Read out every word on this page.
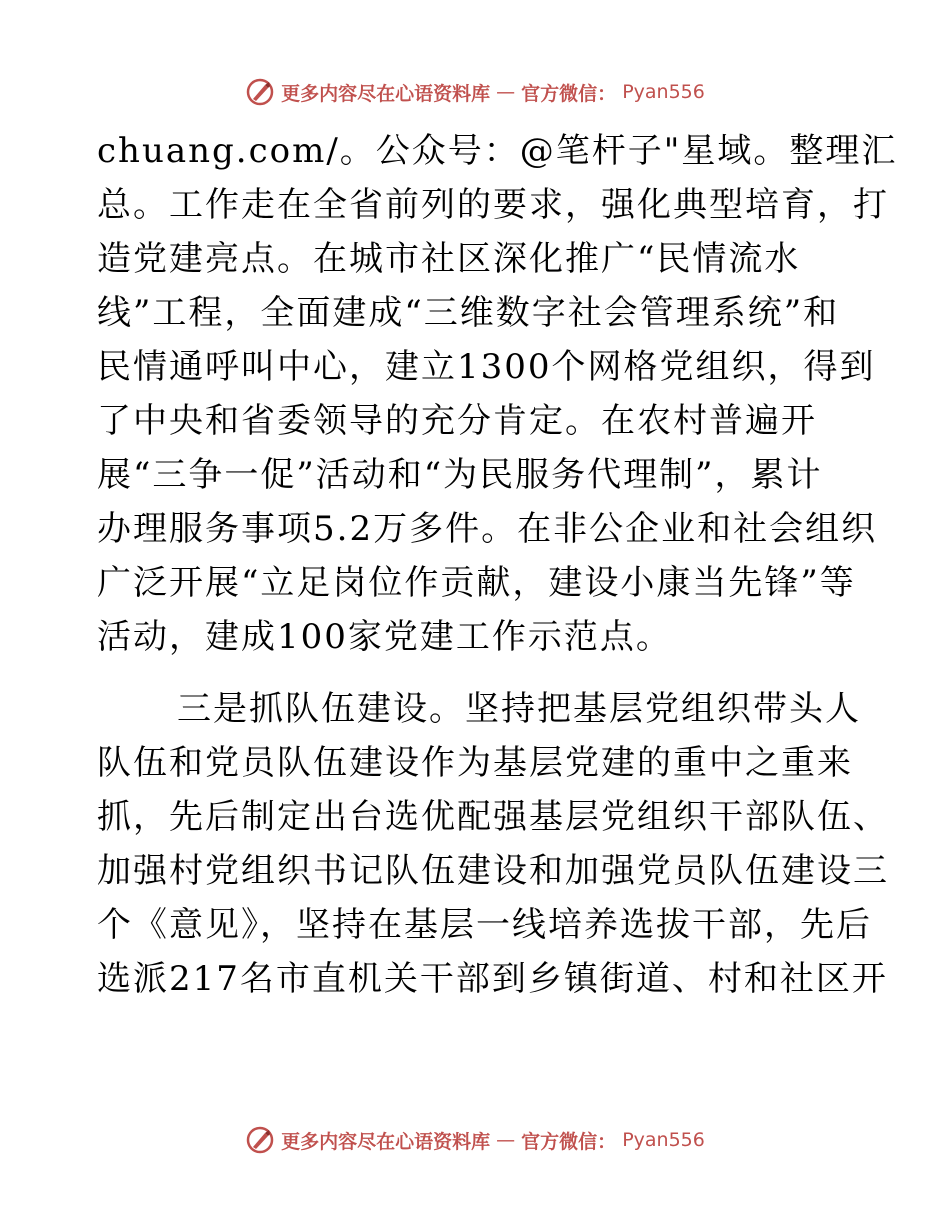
更多内容尽在心语资料库 — 官方微信： Pyan556
chuang.com/。公众号：@笔杆子"星域。整理汇
总。工作走在全省前列的要求，强化典型培育，打
造党建亮点。在城市社区深化推广“民情流水
线”工程，全面建成“三维数字社会管理系统”和
民情通呼叫中心，建立1300个网格党组织，得到
了中央和省委领导的充分肯定。在农村普遍开
展“三争一促”活动和“为民服务代理制”，累计
办理服务事项5.2万多件。在非公企业和社会组织
广泛开展“立足岗位作贡献，建设小康当先锋”等
活动，建成100家党建工作示范点。
三是抓队伍建设。坚持把基层党组织带头人
队伍和党员队伍建设作为基层党建的重中之重来
抓，先后制定出台选优配强基层党组织干部队伍、
加强村党组织书记队伍建设和加强党员队伍建设三
个《意见》，坚持在基层一线培养选拔干部，先后
选派217名市直机关干部到乡镇街道、村和社区开
更多内容尽在心语资料库 — 官方微信： Pyan556
